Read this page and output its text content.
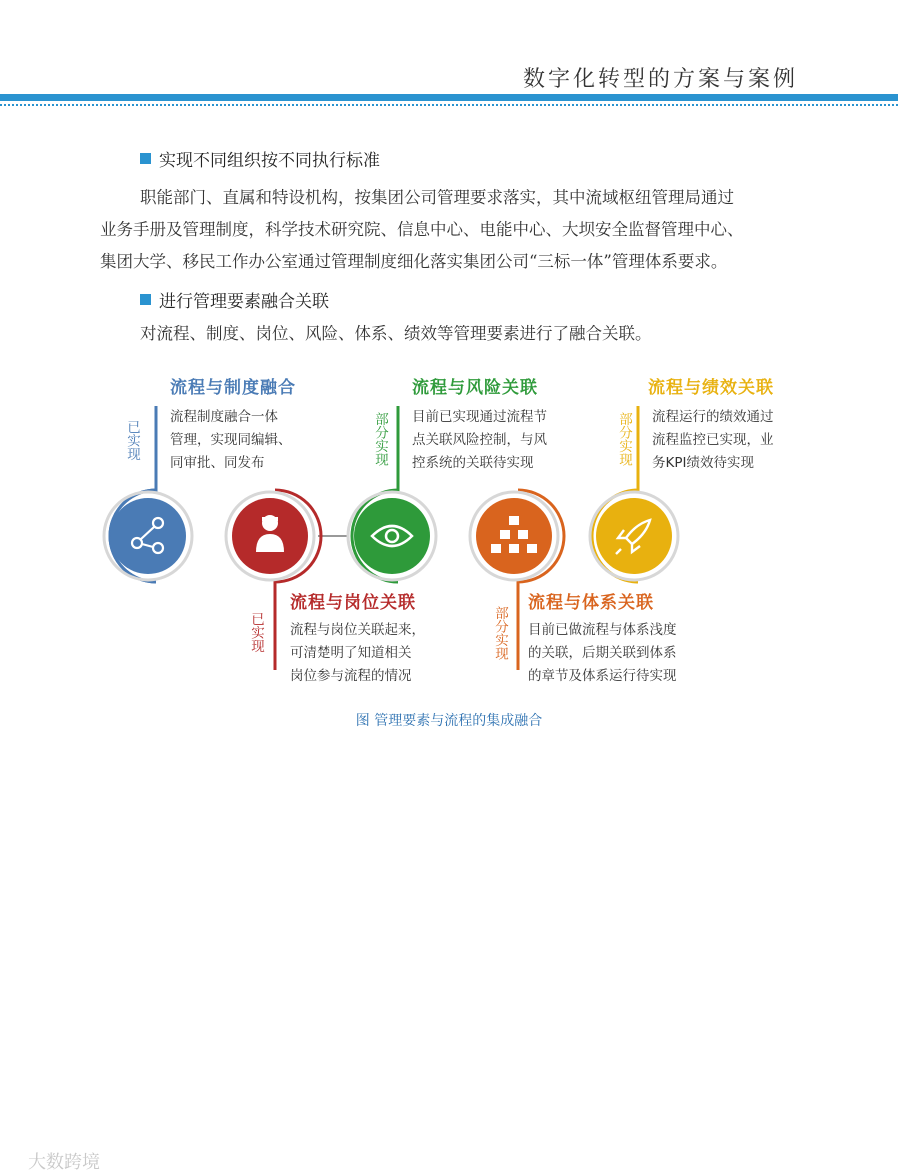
数字化转型的方案与案例
实现不同组织按不同执行标准
职能部门、直属和特设机构，按集团公司管理要求落实，其中流域枢纽管理局通过
业务手册及管理制度，科学技术研究院、信息中心、电能中心、大坝安全监督管理中心、
集团大学、移民工作办公室通过管理制度细化落实集团公司“三标一体”管理体系要求。
进行管理要素融合关联
对流程、制度、岗位、风险、体系、绩效等管理要素进行了融合关联。
流程与制度融合
流程制度融合一体
管理，实现同编辑、
同审批、同发布
已实现
流程与岗位关联
流程与岗位关联起来，
可清楚明了知道相关
岗位参与流程的情况
已实现
流程与风险关联
目前已实现通过流程节
点关联风险控制，与风
控系统的关联待实现
部分实现
流程与体系关联
目前已做流程与体系浅度
的关联，后期关联到体系
的章节及体系运行待实现
部分实现
流程与绩效关联
流程运行的绩效通过
流程监控已实现，业
务KPI绩效待实现
部分实现
图 管理要素与流程的集成融合
大数跨境
